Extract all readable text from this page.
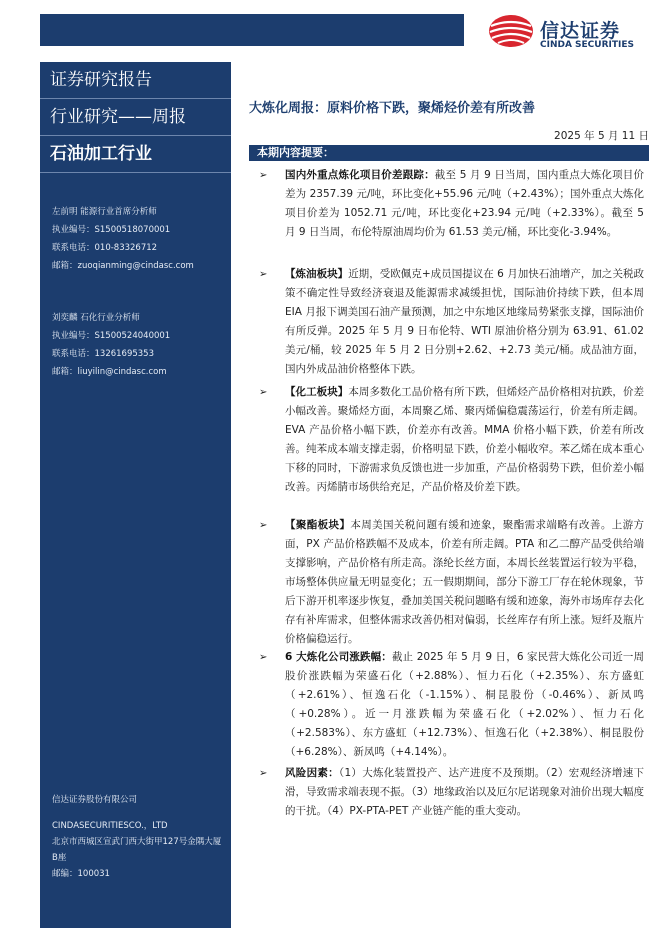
信达证券
CINDA SECURITIES
证券研究报告
行业研究——周报
石油加工行业
左前明 能源行业首席分析师
执业编号：S1500518070001
联系电话：010-83326712
邮箱：zuoqianming@cindasc.com
刘奕麟 石化行业分析师
执业编号：S1500524040001
联系电话：13261695353
邮箱：liuyilin@cindasc.com
信达证券股份有限公司
CINDASECURITIESCO.，LTD
北京市西城区宣武门西大街甲127号金隅大厦B座
邮编：100031
大炼化周报：原料价格下跌，聚烯烃价差有所改善
2025 年 5 月 11 日
本期内容提要：
➢ 国内外重点炼化项目价差跟踪：截至 5 月 9 日当周，国内重点大炼化项目价差为 2357.39 元/吨，环比变化+55.96 元/吨（+2.43%）；国外重点大炼化项目价差为 1052.71 元/吨，环比变化+23.94 元/吨（+2.33%）。截至 5 月 9 日当周，布伦特原油周均价为 61.53 美元/桶，环比变化-3.94%。
➢ 【炼油板块】近期，受欧佩克+成员国提议在 6 月加快石油增产，加之关税政策不确定性导致经济衰退及能源需求减缓担忧，国际油价持续下跌，但本周 EIA 月报下调美国石油产量预测，加之中东地区地缘局势紧张支撑，国际油价有所反弹。2025 年 5 月 9 日布伦特、WTI 原油价格分别为 63.91、61.02 美元/桶，较 2025 年 5 月 2 日分别+2.62、+2.73 美元/桶。成品油方面，国内外成品油价格整体下跌。
➢ 【化工板块】本周多数化工品价格有所下跌，但烯烃产品价格相对抗跌，价差小幅改善。聚烯烃方面，本周聚乙烯、聚丙烯偏稳震荡运行，价差有所走阔。EVA 产品价格小幅下跌，价差亦有改善。MMA 价格小幅下跌，价差有所改善。纯苯成本端支撑走弱，价格明显下跌，价差小幅收窄。苯乙烯在成本重心下移的同时，下游需求负反馈也进一步加重，产品价格弱势下跌，但价差小幅改善。丙烯腈市场供给充足，产品价格及价差下跌。
➢ 【聚酯板块】本周美国关税问题有缓和迹象，聚酯需求端略有改善。上游方面，PX 产品价格跌幅不及成本，价差有所走阔。PTA 和乙二醇产品受供给端支撑影响，产品价格有所走高。涤纶长丝方面，本周长丝装置运行较为平稳，市场整体供应量无明显变化；五一假期期间，部分下游工厂存在轮休现象，节后下游开机率逐步恢复，叠加美国关税问题略有缓和迹象，海外市场库存去化存有补库需求，但整体需求改善仍相对偏弱，长丝库存有所上涨。短纤及瓶片价格偏稳运行。
➢ 6 大炼化公司涨跌幅：截止 2025 年 5 月 9 日，6 家民营大炼化公司近一周股价涨跌幅为荣盛石化（+2.88%）、恒力石化（+2.35%）、东方盛虹（+2.61%）、恒逸石化（-1.15%）、桐昆股份（-0.46%）、新凤鸣（+0.28%）。近一月涨跌幅为荣盛石化（+2.02%）、恒力石化（+2.583%）、东方盛虹（+12.73%）、恒逸石化（+2.38%）、桐昆股份（+6.28%）、新凤鸣（+4.14%）。
➢ 风险因素：（1）大炼化装置投产、达产进度不及预期。（2）宏观经济增速下滑，导致需求端表现不振。（3）地缘政治以及厄尔尼诺现象对油价出现大幅度的干扰。（4）PX-PTA-PET 产业链产能的重大变动。
